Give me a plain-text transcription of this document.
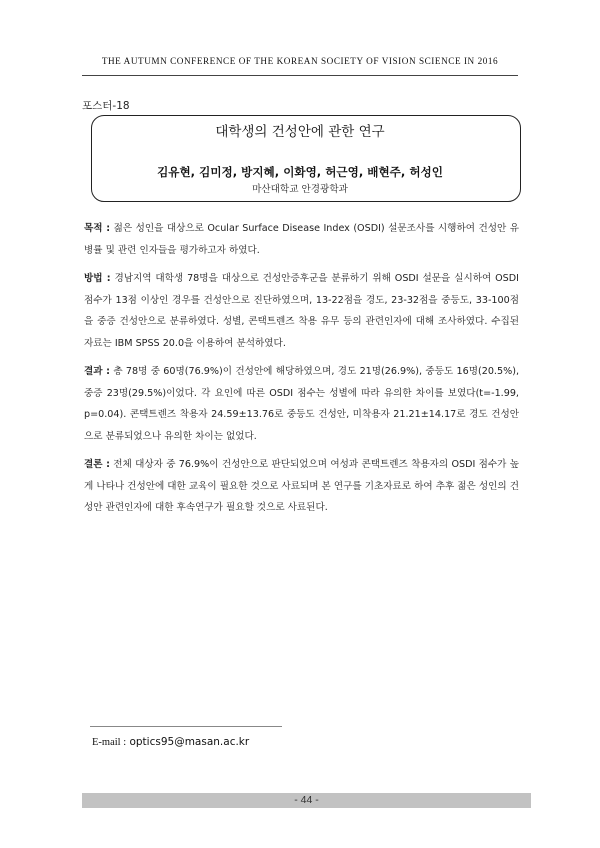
THE AUTUMN CONFERENCE OF THE KOREAN SOCIETY OF VISION SCIENCE IN 2016
포스터-18
대학생의 건성안에 관한 연구
김유현, 김미정, 방지혜, 이화영, 허근영, 배현주, 허성인
마산대학교 안경광학과
목적 : 젊은 성인을 대상으로 Ocular Surface Disease Index (OSDI) 설문조사를 시행하여 건성안 유병률 및 관련 인자들을 평가하고자 하였다.
방법 : 경남지역 대학생 78명을 대상으로 건성안증후군을 분류하기 위해 OSDI 설문을 실시하여 OSDI 점수가 13점 이상인 경우를 건성안으로 진단하였으며, 13-22점을 경도, 23-32점을 중등도, 33-100점을 중증 건성안으로 분류하였다. 성별, 콘택트렌즈 착용 유무 등의 관련인자에 대해 조사하였다. 수집된 자료는 IBM SPSS 20.0을 이용하여 분석하였다.
결과 : 총 78명 중 60명(76.9%)이 건성안에 해당하였으며, 경도 21명(26.9%), 중등도 16명(20.5%), 중증 23명(29.5%)이었다. 각 요인에 따른 OSDI 점수는 성별에 따라 유의한 차이를 보였다(t=-1.99, p=0.04). 콘택트렌즈 착용자 24.59±13.76로 중등도 건성안, 미착용자 21.21±14.17로 경도 건성안으로 분류되었으나 유의한 차이는 없었다.
결론 : 전체 대상자 중 76.9%이 건성안으로 판단되었으며 여성과 콘택트렌즈 착용자의 OSDI 점수가 높게 나타나 건성안에 대한 교육이 필요한 것으로 사료되며 본 연구를 기초자료로 하여 추후 젊은 성인의 건성안 관련인자에 대한 후속연구가 필요할 것으로 사료된다.
E-mail : optics95@masan.ac.kr
- 44 -
